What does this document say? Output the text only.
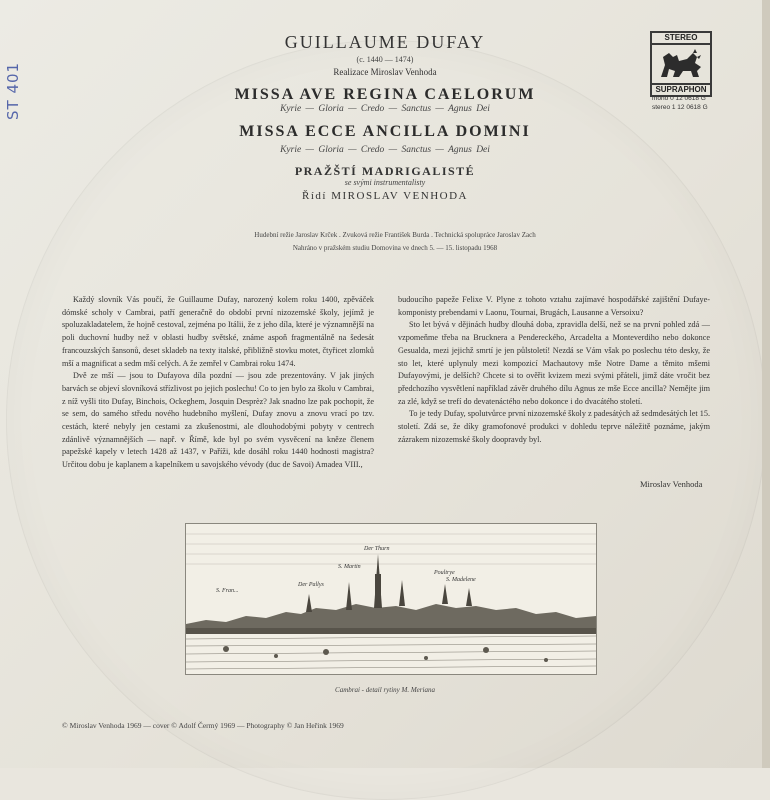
ST 401
GUILLAUME DUFAY
(c. 1440 — 1474)
Realizace Miroslav Venhoda
MISSA AVE REGINA CAELORUM
Kyrie — Gloria — Credo — Sanctus — Agnus Dei
MISSA ECCE ANCILLA DOMINI
Kyrie — Gloria — Credo — Sanctus — Agnus Dei
PRAŽŠTÍ MADRIGALISTÉ
se svými instrumentalisty
Řídí MIROSLAV VENHODA
STEREO
SUPRAPHON
mono 0 12 0618 G
stereo 1 12 0618 G
Hudební režie Jaroslav Krček . Zvuková režie František Burda . Technická spolupráce Jaroslav Zach
Nahráno v pražském studiu Domovina ve dnech 5. — 15. listopadu 1968

Každý slovník Vás poučí, že Guillaume Dufay, narozený kolem roku 1400, zpěváček dómské scholy v Cambrai, patří generačně do období první nizozemské školy, jejímž je spoluzakladatelem, že hojně cestoval, zejména po Itálii, že z jeho díla, které je významnější na poli duchovní hudby než v oblasti hudby světské, známe aspoň fragmentálně na šedesát francouzských šansonů, deset skladeb na texty italské, přibližně stovku motet, čtyřicet zlomků mší a magnificat a sedm mší celých. A že zemřel v Cambrai roku 1474.

Dvě ze mší — jsou to Dufayova díla pozdní — jsou zde prezentovány. V jak jiných barvách se objeví slovníková střízlivost po jejich poslechu! Co to jen bylo za školu v Cambrai, z níž vyšli tito Dufay, Binchois, Ockeghem, Josquin Desprèz? Jak snadno lze pak pochopit, že se sem, do samého středu nového hudebního myšlení, Dufay znovu a znovu vrací po tzv. cestách, které nebyly jen cestami za zkušenostmi, ale dlouhodobými pobyty v centrech zdánlivě významnějších — např. v Římě, kde byl po svém vysvěcení na kněze členem papežské kapely v letech 1428 až 1437, v Paříži, kde dosáhl roku 1440 hodnosti magistra? Určitou dobu je kaplanem a kapelníkem u savojského vévody (duc de Savoi) Amadea VIII.,

budoucího papeže Felixe V. Plyne z tohoto vztahu zajímavé hospodářské zajištění Dufaye-komponisty prebendami v Laonu, Tournai, Brugách, Lausanne a Versoixu?

Sto let bývá v dějinách hudby dlouhá doba, zpravidla delší, než se na první pohled zdá — vzpomeňme třeba na Brucknera a Pendereckého, Arcadelta a Monteverdiho nebo dokonce Gesualda, mezi jejichž smrtí je jen půlstoletí! Nezdá se Vám však po poslechu této desky, že sto let, které uplynuly mezi kompozicí Machautovy mše Notre Dame a těmito mšemi Dufayovými, je delších? Chcete si to ověřit kvizem mezi svými přáteli, jimž dáte vročit bez předchozího vysvětlení například závěr druhého dílu Agnus ze mše Ecce ancilla? Nemějte jim za zlé, když se trefí do devatenáctého nebo dokonce i do dvacátého století.

To je tedy Dufay, spolutvůrce první nizozemské školy z padesátých až sedmdesátých let 15. století. Zdá se, že díky gramofonové produkci v dohledu teprve náležitě poznáme, jakým zázrakem nizozemské školy doopravdy byl.

Miroslav Venhoda
Der Thurn
S. Martin
S. Fran...
Der Pallys
Poultrye
S. Madelene
Cambrai - detail rytiny M. Meriana
© Miroslav Venhoda 1969 — cover © Adolf Čermý 1969 — Photography © Jan Heřink 1969
